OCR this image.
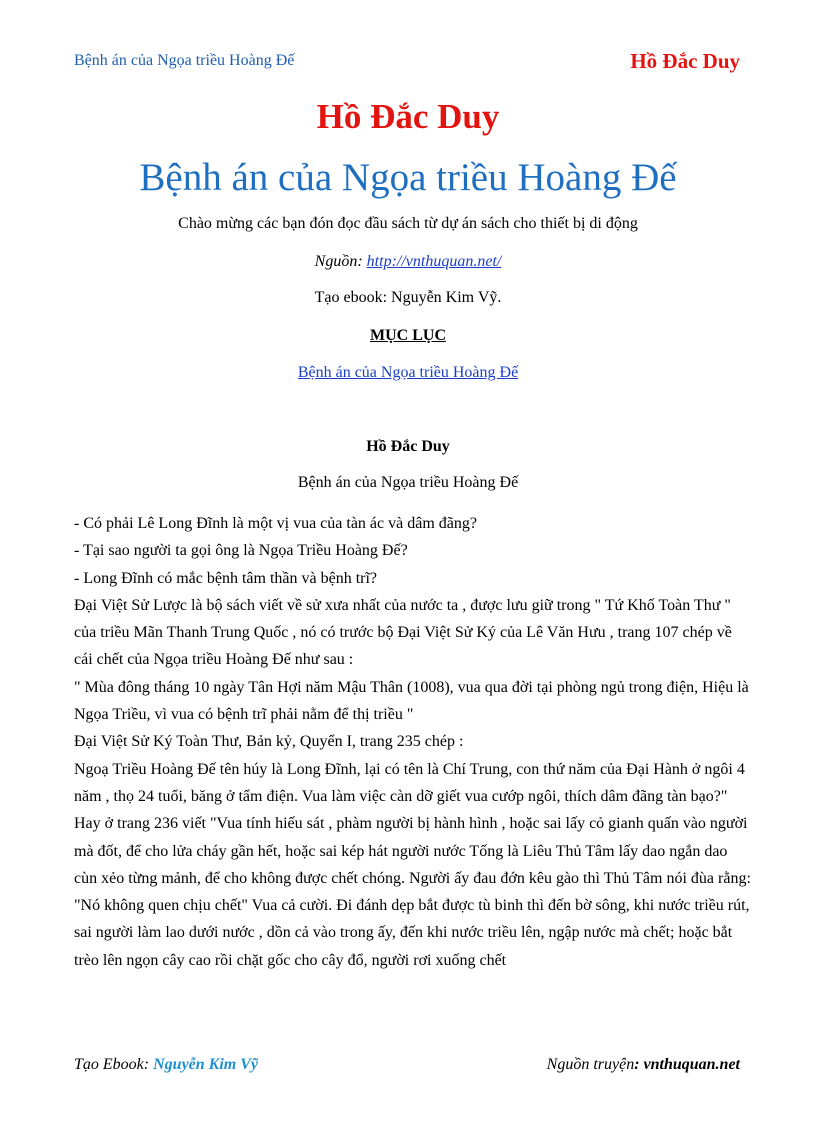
Bệnh án của Ngọa triều Hoàng Đế	Hồ Đắc Duy
Hồ Đắc Duy
Bệnh án của Ngọa triều Hoàng Đế
Chào mừng các bạn đón đọc đầu sách từ dự án sách cho thiết bị di động
Nguồn: http://vnthuquan.net/
Tạo ebook: Nguyễn Kim Vỹ.
MỤC LỤC
Bệnh án của Ngọa triều Hoàng Đế
Hồ Đắc Duy
Bệnh án của Ngọa triều Hoàng Đế

- Có phải Lê Long Đĩnh là một vị vua của tàn ác và dâm đãng?

- Tại sao người ta gọi ông là Ngọa Triều Hoàng Đế?

- Long Đĩnh có mắc bệnh tâm thần và bệnh trĩ?

Đại Việt Sử Lược là bộ sách viết về sử xưa nhất của nước ta , được lưu giữ trong " Tứ Khố Toàn Thư " của triều Mãn Thanh Trung Quốc , nó có trước bộ Đại Việt Sử Ký của Lê Văn Hưu , trang 107 chép về cái chết của Ngọa triều Hoàng Đế như sau :

" Mùa đông tháng 10 ngày Tân Hợi năm Mậu Thân (1008), vua qua đời tại phòng ngủ trong điện, Hiệu là Ngọa Triều, vì vua có bệnh trĩ phải nằm để thị triều "

Đại Việt Sử Ký Toàn Thư, Bản kỷ, Quyển I, trang 235 chép :

Ngoạ Triều Hoàng Đế tên húy là Long Đĩnh, lại có tên là Chí Trung, con thứ năm của Đại Hành ở ngôi 4 năm , thọ 24 tuổi, băng ở tẩm điện. Vua làm việc càn dỡ giết vua cướp ngôi, thích dâm đãng tàn bạo?"

Hay ở trang 236 viết "Vua tính hiếu sát , phàm người bị hành hình , hoặc sai lấy cỏ gianh quấn vào người mà đốt, để cho lửa cháy gần hết, hoặc sai kép hát người nước Tống là Liêu Thủ Tâm lấy dao ngắn dao cùn xẻo từng mảnh, để cho không được chết chóng. Người ấy đau đớn kêu gào thì Thủ Tâm nói đùa rằng: "Nó không quen chịu chết" Vua cả cười. Đi đánh dẹp bắt được tù binh thì đến bờ sông, khi nước triều rút, sai người làm lao dưới nước , dồn cả vào trong ấy, đến khi nước triều lên, ngập nước mà chết; hoặc bắt trèo lên ngọn cây cao rồi chặt gốc cho cây đổ, người rơi xuống chết

Tạo Ebook: Nguyễn Kim Vỹ	Nguồn truyện: vnthuquan.net
